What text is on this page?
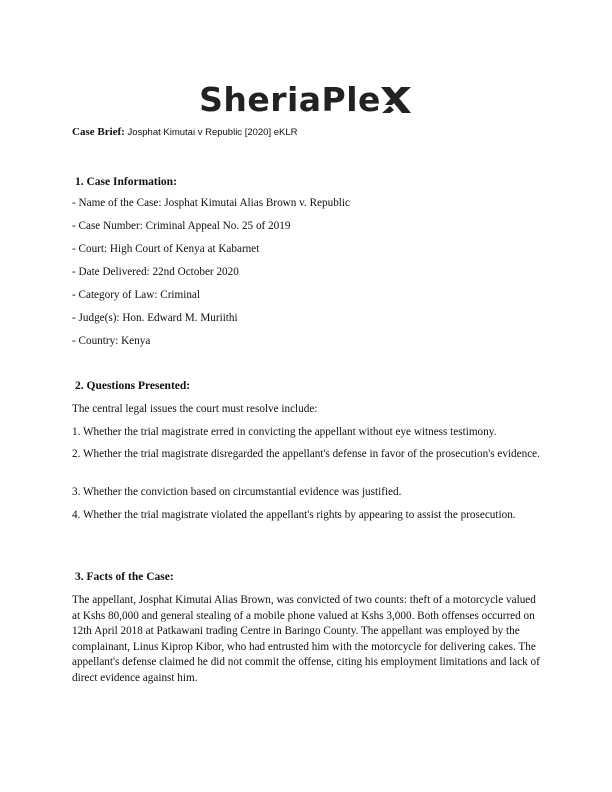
SheriaPle
Case Brief: Josphat Kimutai v Republic [2020] eKLR
1. Case Information:
- Name of the Case: Josphat Kimutai Alias Brown v. Republic
- Case Number: Criminal Appeal No. 25 of 2019
- Court: High Court of Kenya at Kabarnet
- Date Delivered: 22nd October 2020
- Category of Law: Criminal
- Judge(s): Hon. Edward M. Muriithi
- Country: Kenya
2. Questions Presented:
The central legal issues the court must resolve include:

1. Whether the trial magistrate erred in convicting the appellant without eye witness testimony.

2. Whether the trial magistrate disregarded the appellant's defense in favor of the prosecution's evidence.

3. Whether the conviction based on circumstantial evidence was justified.

4. Whether the trial magistrate violated the appellant's rights by appearing to assist the prosecution.

3. Facts of the Case:

The appellant, Josphat Kimutai Alias Brown, was convicted of two counts: theft of a motorcycle valued at Kshs 80,000 and general stealing of a mobile phone valued at Kshs 3,000. Both offenses occurred on 12th April 2018 at Patkawani trading Centre in Baringo County. The appellant was employed by the complainant, Linus Kiprop Kibor, who had entrusted him with the motorcycle for delivering cakes. The appellant's defense claimed he did not commit the offense, citing his employment limitations and lack of direct evidence against him.
